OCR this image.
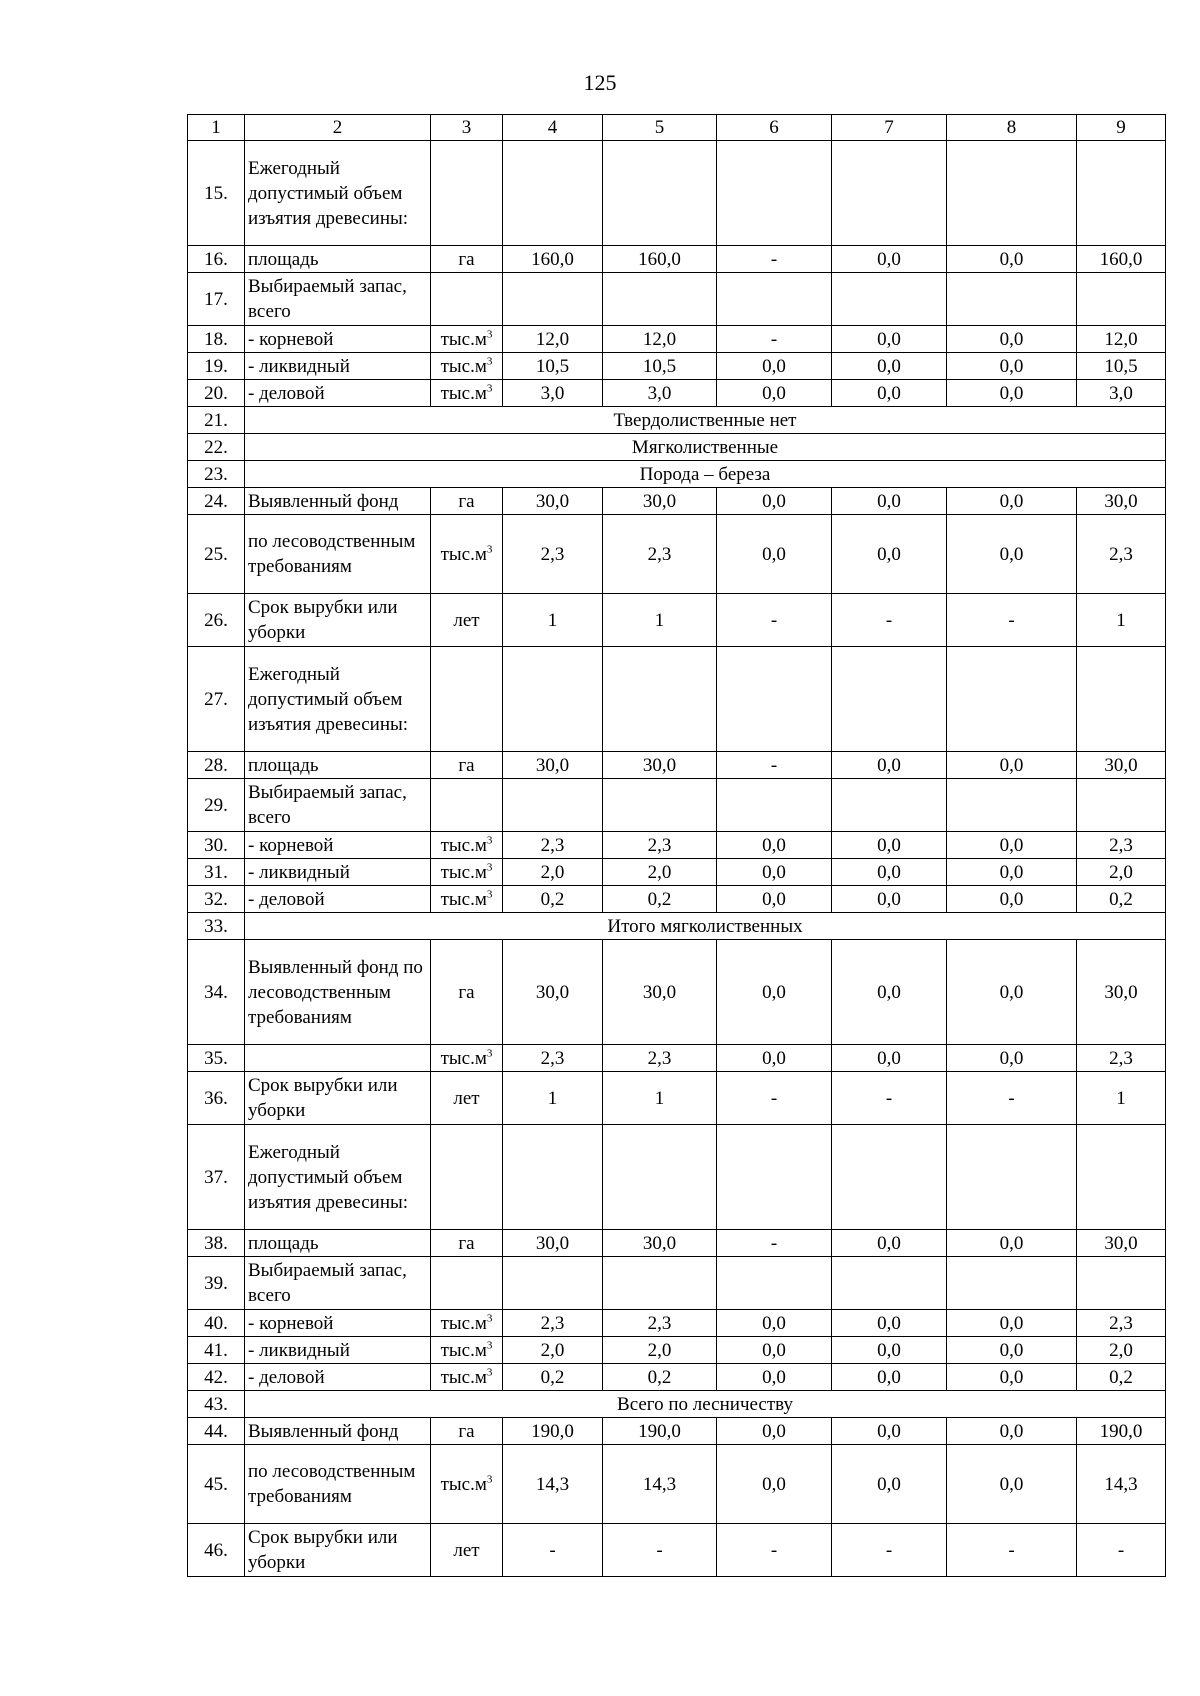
125
1	2	3	4	5	6	7	8	9
15.	Ежегодный допустимый объем изъятия древесины:							
16.	площадь	га	160,0	160,0	-	0,0	0,0	160,0
17.	Выбираемый запас, всего							
18.	- корневой	$тыс.м^3$	12,0	12,0	-	0,0	0,0	12,0
19.	- ликвидный	$тыс.м^3$	10,5	10,5	0,0	0,0	0,0	10,5
20.	- деловой	$тыс.м^3$	3,0	3,0	0,0	0,0	0,0	3,0
21.	Твердолиственные нет							
22.	Мягколиственные							
23.	Порода – береза							
24.	Выявленный фонд	га	30,0	30,0	0,0	0,0	0,0	30,0
25.	по лесоводственным требованиям	$тыс.м^3$	2,3	2,3	0,0	0,0	0,0	2,3
26.	Срок вырубки или уборки	лет	1	1	-	-	-	1
27.	Ежегодный допустимый объем изъятия древесины:							
28.	площадь	га	30,0	30,0	-	0,0	0,0	30,0
29.	Выбираемый запас, всего							
30.	- корневой	$тыс.м^3$	2,3	2,3	0,0	0,0	0,0	2,3
31.	- ликвидный	$тыс.м^3$	2,0	2,0	0,0	0,0	0,0	2,0
32.	- деловой	$тыс.м^3$	0,2	0,2	0,0	0,0	0,0	0,2
33.	Итого мягколиственных							
34.	Выявленный фонд по лесоводственным требованиям	га	30,0	30,0	0,0	0,0	0,0	30,0
35.		$тыс.м^3$	2,3	2,3	0,0	0,0	0,0	2,3
36.	Срок вырубки или уборки	лет	1	1	-	-	-	1
37.	Ежегодный допустимый объем изъятия древесины:							
38.	площадь	га	30,0	30,0	-	0,0	0,0	30,0
39.	Выбираемый запас, всего							
40.	- корневой	$тыс.м^3$	2,3	2,3	0,0	0,0	0,0	2,3
41.	- ликвидный	$тыс.м^3$	2,0	2,0	0,0	0,0	0,0	2,0
42.	- деловой	$тыс.м^3$	0,2	0,2	0,0	0,0	0,0	0,2
43.	Всего по лесничеству							
44.	Выявленный фонд	га	190,0	190,0	0,0	0,0	0,0	190,0
45.	по лесоводственным требованиям	$тыс.м^3$	14,3	14,3	0,0	0,0	0,0	14,3
46.	Срок вырубки или уборки	лет	-	-	-	-	-	-
